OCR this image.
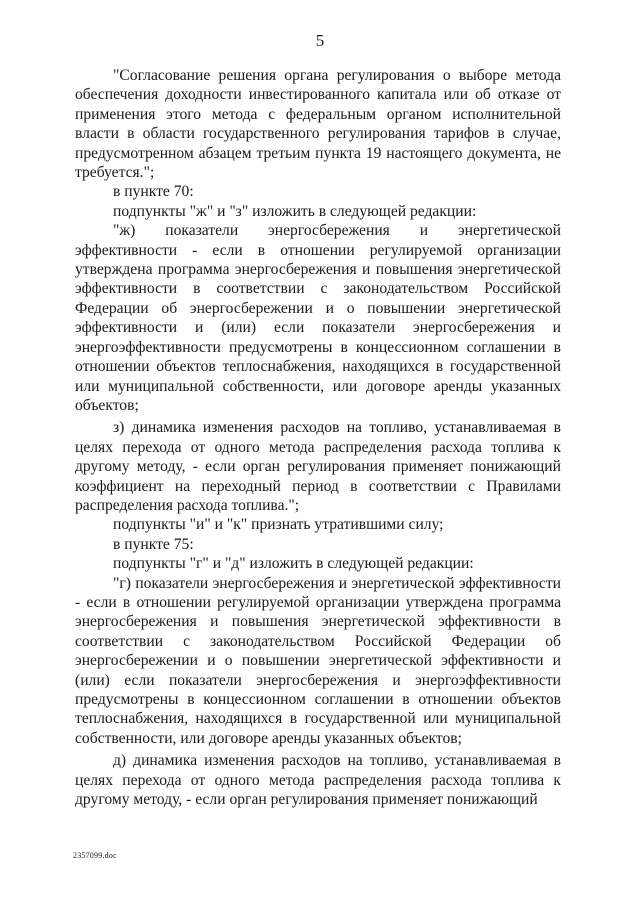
5

"Согласование решения органа регулирования о выборе метода обеспечения доходности инвестированного капитала или об отказе от применения этого метода с федеральным органом исполнительной власти в области государственного регулирования тарифов в случае, предусмотренном абзацем третьим пункта 19 настоящего документа, не требуется.";

в пункте 70:

подпункты "ж" и "з" изложить в следующей редакции:

"ж) показатели энергосбережения и энергетической эффективности - если в отношении регулируемой организации утверждена программа энергосбережения и повышения энергетической эффективности в соответствии с законодательством Российской Федерации об энергосбережении и о повышении энергетической эффективности и (или) если показатели энергосбережения и энергоэффективности предусмотрены в концессионном соглашении в отношении объектов теплоснабжения, находящихся в государственной или муниципальной собственности, или договоре аренды указанных объектов;

з) динамика изменения расходов на топливо, устанавливаемая в целях перехода от одного метода распределения расхода топлива к другому методу, - если орган регулирования применяет понижающий коэффициент на переходный период в соответствии с Правилами распределения расхода топлива.";

подпункты "и" и "к" признать утратившими силу;

в пункте 75:

подпункты "г" и "д" изложить в следующей редакции:

"г) показатели энергосбережения и энергетической эффективности - если в отношении регулируемой организации утверждена программа энергосбережения и повышения энергетической эффективности в соответствии с законодательством Российской Федерации об энергосбережении и о повышении энергетической эффективности и (или) если показатели энергосбережения и энергоэффективности предусмотрены в концессионном соглашении в отношении объектов теплоснабжения, находящихся в государственной или муниципальной собственности, или договоре аренды указанных объектов;

д) динамика изменения расходов на топливо, устанавливаемая в целях перехода от одного метода распределения расхода топлива к другому методу, - если орган регулирования применяет понижающий

2357099.doc
